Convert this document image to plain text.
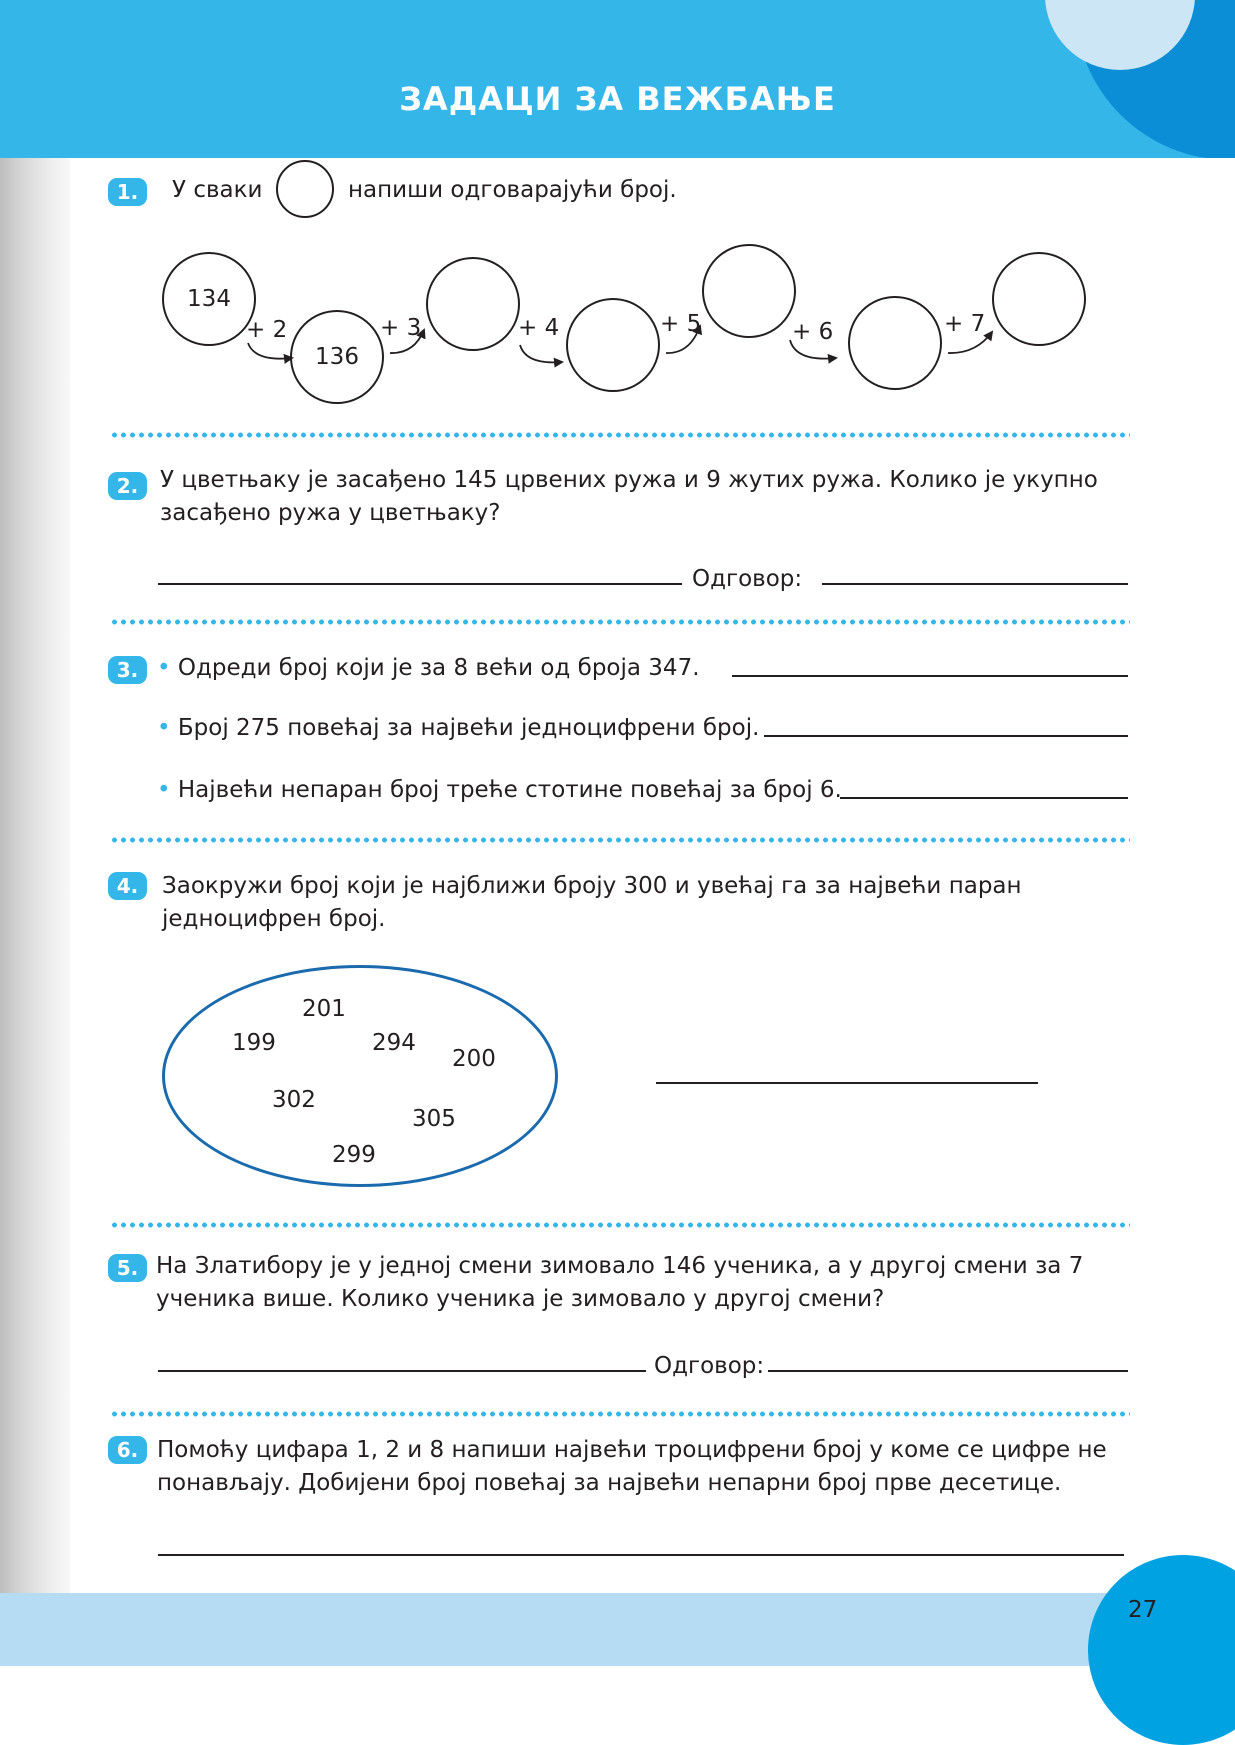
ЗАДАЦИ ЗА ВЕЖБАЊЕ
27
1.	У сваки	напиши одговарајући број.
134
136
+ 2	+ 3	+ 4	+ 5	+ 6	+ 7
2. У цветњаку је засађено 145 црвених ружа и 9 жутих ружа. Колико је укупно
засађено ружа у цветњаку?
Одговор:
3. • Одреди број који је за 8 већи од броја 347.
• Број 275 повећај за највећи једноцифрени број.
• Највећи непаран број треће стотине повећај за број 6.
4.	Заокружи број који је најближи броју 300 и увећај га за највећи паран
једноцифрен број.
201
199	294
200
302
305
299
5. На Златибору је у једној смени зимовало 146 ученика, а у другој смени за 7
ученика више. Колико ученика је зимовало у другој смени?
Одговор:
6. Помоћу цифара 1, 2 и 8 напиши највећи троцифрени број у коме се цифре не
понављају. Добијени број повећај за највећи непарни број прве десетице.
